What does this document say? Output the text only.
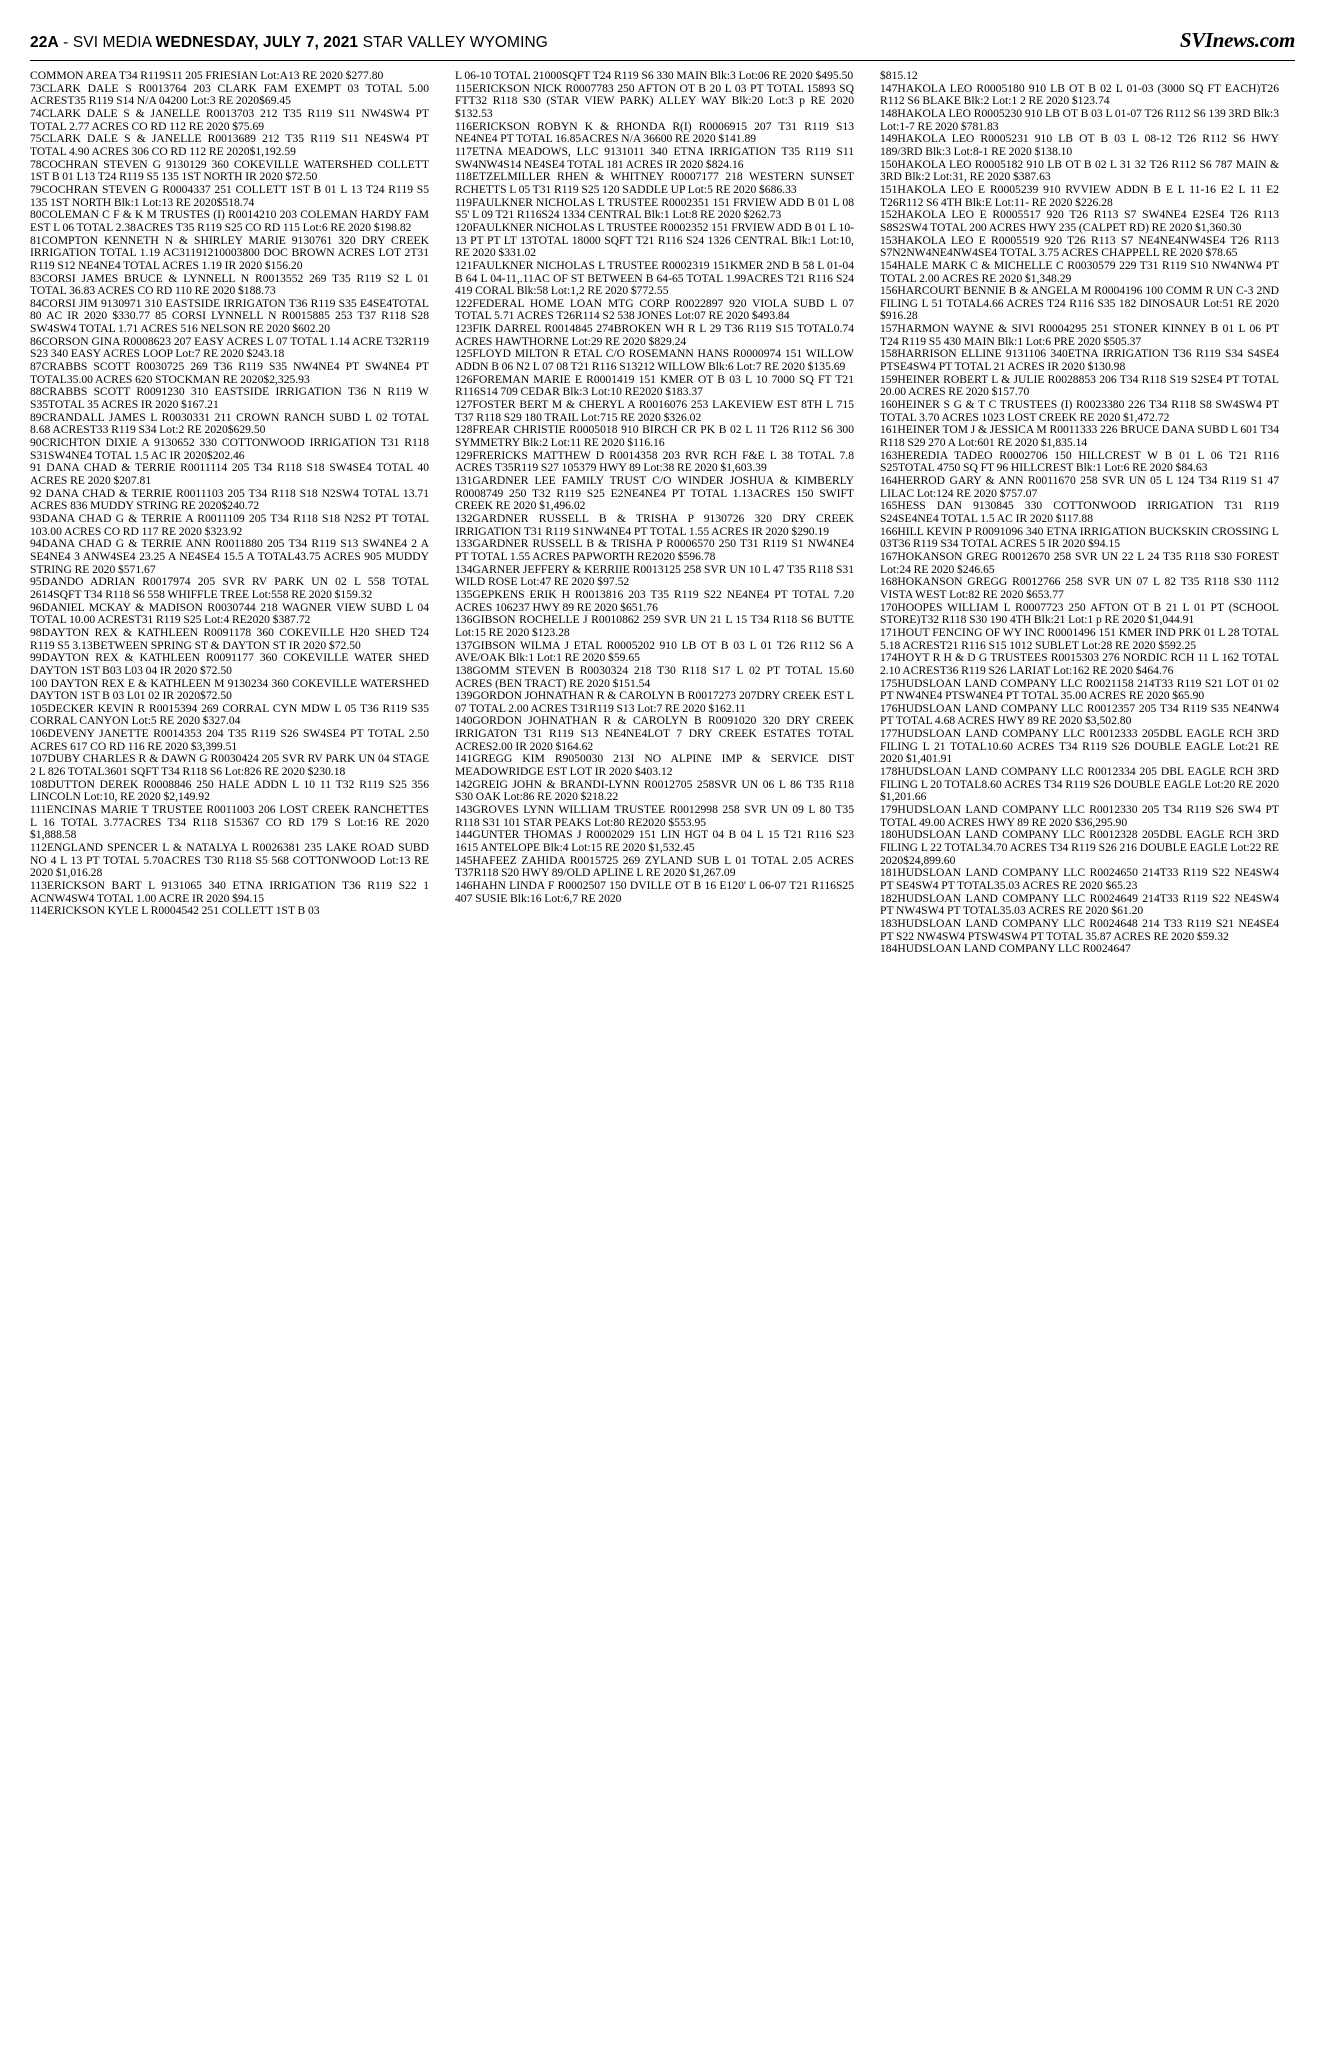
22A - SVI MEDIA WEDNESDAY, JULY 7, 2021 STAR VALLEY WYOMING	SVInews.com

COMMON AREA T34 R119S11 205 FRIESIAN Lot:A13 RE 2020 $277.80

73CLARK DALE S R0013764 203 CLARK FAM EXEMPT 03 TOTAL 5.00 ACREST35 R119 S14 N/A 04200 Lot:3 RE 2020$69.45

74CLARK DALE S & JANELLE R0013703 212 T35 R119 S11 NW4SW4 PT TOTAL 2.77 ACRES CO RD 112 RE 2020 $75.69

75CLARK DALE S & JANELLE R0013689 212 T35 R119 S11 NE4SW4 PT TOTAL 4.90 ACRES 306 CO RD 112 RE 2020$1,192.59

78COCHRAN STEVEN G 9130129 360 COKEVILLE WATERSHED COLLETT 1ST B 01 L13 T24 R119 S5 135 1ST NORTH IR 2020 $72.50

79COCHRAN STEVEN G R0004337 251 COLLETT 1ST B 01 L 13 T24 R119 S5 135 1ST NORTH Blk:1 Lot:13 RE 2020$518.74

80COLEMAN C F & K M TRUSTES (I) R0014210 203 COLEMAN HARDY FAM EST L 06 TOTAL 2.38ACRES T35 R119 S25 CO RD 115 Lot:6 RE 2020 $198.82

81COMPTON KENNETH N & SHIRLEY MARIE 9130761 320 DRY CREEK IRRIGATION TOTAL 1.19 AC31191210003800 DOC BROWN ACRES LOT 2T31 R119 S12 NE4NE4 TOTAL ACRES 1.19 IR 2020 $156.20

83CORSI JAMES BRUCE & LYNNELL N R0013552 269 T35 R119 S2 L 01 TOTAL 36.83 ACRES CO RD 110 RE 2020 $188.73

84CORSI JIM 9130971 310 EASTSIDE IRRIGATON T36 R119 S35 E4SE4TOTAL 80 AC IR 2020 $330.77 85 CORSI LYNNELL N R0015885 253 T37 R118 S28 SW4SW4 TOTAL 1.71 ACRES 516 NELSON RE 2020 $602.20

86CORSON GINA R0008623 207 EASY ACRES L 07 TOTAL 1.14 ACRE T32R119 S23 340 EASY ACRES LOOP Lot:7 RE 2020 $243.18

87CRABBS SCOTT R0030725 269 T36 R119 S35 NW4NE4 PT SW4NE4 PT TOTAL35.00 ACRES 620 STOCKMAN RE 2020$2,325.93

88CRABBS SCOTT R0091230 310 EASTSIDE IRRIGATION T36 N R119 W S35TOTAL 35 ACRES IR 2020 $167.21

89CRANDALL JAMES L R0030331 211 CROWN RANCH SUBD L 02 TOTAL 8.68 ACREST33 R119 S34 Lot:2 RE 2020$629.50

90CRICHTON DIXIE A 9130652 330 COTTONWOOD IRRIGATION T31 R118 S31SW4NE4 TOTAL 1.5 AC IR 2020$202.46

91 DANA CHAD & TERRIE R0011114 205 T34 R118 S18 SW4SE4 TOTAL 40 ACRES RE 2020 $207.81

92 DANA CHAD & TERRIE R0011103 205 T34 R118 S18 N2SW4 TOTAL 13.71 ACRES 836 MUDDY STRING RE 2020$240.72

93DANA CHAD G & TERRIE A R0011109 205 T34 R118 S18 N2S2 PT TOTAL 103.00 ACRES CO RD 117 RE 2020 $323.92

94DANA CHAD G & TERRIE ANN R0011880 205 T34 R119 S13 SW4NE4 2 A SE4NE4 3 ANW4SE4 23.25 A NE4SE4 15.5 A TOTAL43.75 ACRES 905 MUDDY STRING RE 2020 $571.67

95DANDO ADRIAN R0017974 205 SVR RV PARK UN 02 L 558 TOTAL 2614SQFT T34 R118 S6 558 WHIFFLE TREE Lot:558 RE 2020 $159.32

96DANIEL MCKAY & MADISON R0030744 218 WAGNER VIEW SUBD L 04 TOTAL 10.00 ACREST31 R119 S25 Lot:4 RE2020 $387.72

98DAYTON REX & KATHLEEN R0091178 360 COKEVILLE H20 SHED T24 R119 S5 3.13BETWEEN SPRING ST & DAYTON ST IR 2020 $72.50

99DAYTON REX & KATHLEEN R0091177 360 COKEVILLE WATER SHED DAYTON 1ST B03 L03 04 IR 2020 $72.50

100 DAYTON REX E & KATHLEEN M 9130234 360 COKEVILLE WATERSHED DAYTON 1ST B 03 L01 02 IR 2020$72.50

105DECKER KEVIN R R0015394 269 CORRAL CYN MDW L 05 T36 R119 S35 CORRAL CANYON Lot:5 RE 2020 $327.04

106DEVENY JANETTE R0014353 204 T35 R119 S26 SW4SE4 PT TOTAL 2.50 ACRES 617 CO RD 116 RE 2020 $3,399.51

107DUBY CHARLES R & DAWN G R0030424 205 SVR RV PARK UN 04 STAGE 2 L 826 TOTAL3601 SQFT T34 R118 S6 Lot:826 RE 2020 $230.18

108DUTTON DEREK R0008846 250 HALE ADDN L 10 11 T32 R119 S25 356 LINCOLN Lot:10, RE 2020 $2,149.92

111ENCINAS MARIE T TRUSTEE R0011003 206 LOST CREEK RANCHETTES L 16 TOTAL 3.77ACRES T34 R118 S15367 CO RD 179 S Lot:16 RE 2020 $1,888.58

112ENGLAND SPENCER L & NATALYA L R0026381 235 LAKE ROAD SUBD NO 4 L 13 PT TOTAL 5.70ACRES T30 R118 S5 568 COTTONWOOD Lot:13 RE 2020 $1,016.28

113ERICKSON BART L 9131065 340 ETNA IRRIGATION T36 R119 S22 1 ACNW4SW4 TOTAL 1.00 ACRE IR 2020 $94.15

114ERICKSON KYLE L R0004542 251 COLLETT 1ST B 03

L 06-10 TOTAL 21000SQFT T24 R119 S6 330 MAIN Blk:3 Lot:06 RE 2020 $495.50

115ERICKSON NICK R0007783 250 AFTON OT B 20 L 03 PT TOTAL 15893 SQ FTT32 R118 S30 (STAR VIEW PARK) ALLEY WAY Blk:20 Lot:3 p RE 2020 $132.53

116ERICKSON ROBYN K & RHONDA R(I) R0006915 207 T31 R119 S13 NE4NE4 PT TOTAL 16.85ACRES N/A 36600 RE 2020 $141.89

117ETNA MEADOWS, LLC 9131011 340 ETNA IRRIGATION T35 R119 S11 SW4NW4S14 NE4SE4 TOTAL 181 ACRES IR 2020 $824.16

118ETZELMILLER RHEN & WHITNEY R0007177 218 WESTERN SUNSET RCHETTS L 05 T31 R119 S25 120 SADDLE UP Lot:5 RE 2020 $686.33

119FAULKNER NICHOLAS L TRUSTEE R0002351 151 FRVIEW ADD B 01 L 08 S5' L 09 T21 R116S24 1334 CENTRAL Blk:1 Lot:8 RE 2020 $262.73

120FAULKNER NICHOLAS L TRUSTEE R0002352 151 FRVIEW ADD B 01 L 10-13 PT PT LT 13TOTAL 18000 SQFT T21 R116 S24 1326 CENTRAL Blk:1 Lot:10, RE 2020 $331.02

121FAULKNER NICHOLAS L TRUSTEE R0002319 151KMER 2ND B 58 L 01-04 B 64 L 04-11,.11AC OF ST BETWEEN B 64-65 TOTAL 1.99ACRES T21 R116 S24 419 CORAL Blk:58 Lot:1,2 RE 2020 $772.55

122FEDERAL HOME LOAN MTG CORP R0022897 920 VIOLA SUBD L 07 TOTAL 5.71 ACRES T26R114 S2 538 JONES Lot:07 RE 2020 $493.84

123FIK DARREL R0014845 274BROKEN WH R L 29 T36 R119 S15 TOTAL0.74 ACRES HAWTHORNE Lot:29 RE 2020 $829.24

125FLOYD MILTON R ETAL C/O ROSEMANN HANS R0000974 151 WILLOW ADDN B 06 N2 L 07 08 T21 R116 S13212 WILLOW Blk:6 Lot:7 RE 2020 $135.69

126FOREMAN MARIE E R0001419 151 KMER OT B 03 L 10 7000 SQ FT T21 R116S14 709 CEDAR Blk:3 Lot:10 RE2020 $183.37

127FOSTER BERT M & CHERYL A R0016076 253 LAKEVIEW EST 8TH L 715 T37 R118 S29 180 TRAIL Lot:715 RE 2020 $326.02

128FREAR CHRISTIE R0005018 910 BIRCH CR PK B 02 L 11 T26 R112 S6 300 SYMMETRY Blk:2 Lot:11 RE 2020 $116.16

129FRERICKS MATTHEW D R0014358 203 RVR RCH F&E L 38 TOTAL 7.8 ACRES T35R119 S27 105379 HWY 89 Lot:38 RE 2020 $1,603.39

131GARDNER LEE FAMILY TRUST C/O WINDER JOSHUA & KIMBERLY R0008749 250 T32 R119 S25 E2NE4NE4 PT TOTAL 1.13ACRES 150 SWIFT CREEK RE 2020 $1,496.02

132GARDNER RUSSELL B & TRISHA P 9130726 320 DRY CREEK IRRIGATION T31 R119 S1NW4NE4 PT TOTAL 1.55 ACRES IR 2020 $290.19

133GARDNER RUSSELL B & TRISHA P R0006570 250 T31 R119 S1 NW4NE4 PT TOTAL 1.55 ACRES PAPWORTH RE2020 $596.78

134GARNER JEFFERY & KERRIIE R0013125 258 SVR UN 10 L 47 T35 R118 S31 WILD ROSE Lot:47 RE 2020 $97.52

135GEPKENS ERIK H R0013816 203 T35 R119 S22 NE4NE4 PT TOTAL 7.20 ACRES 106237 HWY 89 RE 2020 $651.76

136GIBSON ROCHELLE J R0010862 259 SVR UN 21 L 15 T34 R118 S6 BUTTE Lot:15 RE 2020 $123.28

137GIBSON WILMA J ETAL R0005202 910 LB OT B 03 L 01 T26 R112 S6 A AVE/OAK Blk:1 Lot:1 RE 2020 $59.65

138GOMM STEVEN B R0030324 218 T30 R118 S17 L 02 PT TOTAL 15.60 ACRES (BEN TRACT) RE 2020 $151.54

139GORDON JOHNATHAN R & CAROLYN B R0017273 207DRY CREEK EST L 07 TOTAL 2.00 ACRES T31R119 S13 Lot:7 RE 2020 $162.11

140GORDON JOHNATHAN R & CAROLYN B R0091020 320 DRY CREEK IRRIGATON T31 R119 S13 NE4NE4LOT 7 DRY CREEK ESTATES TOTAL ACRES2.00 IR 2020 $164.62

141GREGG KIM R9050030 213I NO ALPINE IMP & SERVICE DIST MEADOWRIDGE EST LOT IR 2020 $403.12

142GREIG JOHN & BRANDI-LYNN R0012705 258SVR UN 06 L 86 T35 R118 S30 OAK Lot:86 RE 2020 $218.22

143GROVES LYNN WILLIAM TRUSTEE R0012998 258 SVR UN 09 L 80 T35 R118 S31 101 STAR PEAKS Lot:80 RE2020 $553.95

144GUNTER THOMAS J R0002029 151 LIN HGT 04 B 04 L 15 T21 R116 S23 1615 ANTELOPE Blk:4 Lot:15 RE 2020 $1,532.45

145HAFEEZ ZAHIDA R0015725 269 ZYLAND SUB L 01 TOTAL 2.05 ACRES T37R118 S20 HWY 89/OLD APLINE L RE 2020 $1,267.09

146HAHN LINDA F R0002507 150 DVILLE OT B 16 E120' L 06-07 T21 R116S25 407 SUSIE Blk:16 Lot:6,7 RE 2020

$815.12

147HAKOLA LEO R0005180 910 LB OT B 02 L 01-03 (3000 SQ FT EACH)T26 R112 S6 BLAKE Blk:2 Lot:1 2 RE 2020 $123.74

148HAKOLA LEO R0005230 910 LB OT B 03 L 01-07 T26 R112 S6 139 3RD Blk:3 Lot:1-7 RE 2020 $781.83

149HAKOLA LEO R0005231 910 LB OT B 03 L 08-12 T26 R112 S6 HWY 189/3RD Blk:3 Lot:8-1 RE 2020 $138.10

150HAKOLA LEO R0005182 910 LB OT B 02 L 31 32 T26 R112 S6 787 MAIN & 3RD Blk:2 Lot:31, RE 2020 $387.63

151HAKOLA LEO E R0005239 910 RVVIEW ADDN B E L 11-16 E2 L 11 E2 T26R112 S6 4TH Blk:E Lot:11- RE 2020 $226.28

152HAKOLA LEO E R0005517 920 T26 R113 S7 SW4NE4 E2SE4 T26 R113 S8S2SW4 TOTAL 200 ACRES HWY 235 (CALPET RD) RE 2020 $1,360.30

153HAKOLA LEO E R0005519 920 T26 R113 S7 NE4NE4NW4SE4 T26 R113 S7N2NW4NE4NW4SE4 TOTAL 3.75 ACRES CHAPPELL RE 2020 $78.65

154HALE MARK C & MICHELLE C R0030579 229 T31 R119 S10 NW4NW4 PT TOTAL 2.00 ACRES RE 2020 $1,348.29

156HARCOURT BENNIE B & ANGELA M R0004196 100 COMM R UN C-3 2ND FILING L 51 TOTAL4.66 ACRES T24 R116 S35 182 DINOSAUR Lot:51 RE 2020 $916.28

157HARMON WAYNE & SIVI R0004295 251 STONER KINNEY B 01 L 06 PT T24 R119 S5 430 MAIN Blk:1 Lot:6 PRE 2020 $505.37

158HARRISON ELLINE 9131106 340ETNA IRRIGATION T36 R119 S34 S4SE4 PTSE4SW4 PT TOTAL 21 ACRES IR 2020 $130.98

159HEINER ROBERT L & JULIE R0028853 206 T34 R118 S19 S2SE4 PT TOTAL 20.00 ACRES RE 2020 $157.70

160HEINER S G & T C TRUSTEES (I) R0023380 226 T34 R118 S8 SW4SW4 PT TOTAL 3.70 ACRES 1023 LOST CREEK RE 2020 $1,472.72

161HEINER TOM J & JESSICA M R0011333 226 BRUCE DANA SUBD L 601 T34 R118 S29 270 A Lot:601 RE 2020 $1,835.14

163HEREDIA TADEO R0002706 150 HILLCREST W B 01 L 06 T21 R116 S25TOTAL 4750 SQ FT 96 HILLCREST Blk:1 Lot:6 RE 2020 $84.63

164HERROD GARY & ANN R0011670 258 SVR UN 05 L 124 T34 R119 S1 47 LILAC Lot:124 RE 2020 $757.07

165HESS DAN 9130845 330 COTTONWOOD IRRIGATION T31 R119 S24SE4NE4 TOTAL 1.5 AC IR 2020 $117.88

166HILL KEVIN P R0091096 340 ETNA IRRIGATION BUCKSKIN CROSSING L 03T36 R119 S34 TOTAL ACRES 5 IR 2020 $94.15

167HOKANSON GREG R0012670 258 SVR UN 22 L 24 T35 R118 S30 FOREST Lot:24 RE 2020 $246.65

168HOKANSON GREGG R0012766 258 SVR UN 07 L 82 T35 R118 S30 1112 VISTA WEST Lot:82 RE 2020 $653.77

170HOOPES WILLIAM L R0007723 250 AFTON OT B 21 L 01 PT (SCHOOL STORE)T32 R118 S30 190 4TH Blk:21 Lot:1 p RE 2020 $1,044.91

171HOUT FENCING OF WY INC R0001496 151 KMER IND PRK 01 L 28 TOTAL 5.18 ACREST21 R116 S15 1012 SUBLET Lot:28 RE 2020 $592.25

174HOYT R H & D G TRUSTEES R0015303 276 NORDIC RCH 11 L 162 TOTAL 2.10 ACREST36 R119 S26 LARIAT Lot:162 RE 2020 $464.76

175HUDSLOAN LAND COMPANY LLC R0021158 214T33 R119 S21 LOT 01 02 PT NW4NE4 PTSW4NE4 PT TOTAL 35.00 ACRES RE 2020 $65.90

176HUDSLOAN LAND COMPANY LLC R0012357 205 T34 R119 S35 NE4NW4 PT TOTAL 4.68 ACRES HWY 89 RE 2020 $3,502.80

177HUDSLOAN LAND COMPANY LLC R0012333 205DBL EAGLE RCH 3RD FILING L 21 TOTAL10.60 ACRES T34 R119 S26 DOUBLE EAGLE Lot:21 RE 2020 $1,401.91

178HUDSLOAN LAND COMPANY LLC R0012334 205 DBL EAGLE RCH 3RD FILING L 20 TOTAL8.60 ACRES T34 R119 S26 DOUBLE EAGLE Lot:20 RE 2020 $1,201.66

179HUDSLOAN LAND COMPANY LLC R0012330 205 T34 R119 S26 SW4 PT TOTAL 49.00 ACRES HWY 89 RE 2020 $36,295.90

180HUDSLOAN LAND COMPANY LLC R0012328 205DBL EAGLE RCH 3RD FILING L 22 TOTAL34.70 ACRES T34 R119 S26 216 DOUBLE EAGLE Lot:22 RE 2020$24,899.60

181HUDSLOAN LAND COMPANY LLC R0024650 214T33 R119 S22 NE4SW4 PT SE4SW4 PT TOTAL35.03 ACRES RE 2020 $65.23

182HUDSLOAN LAND COMPANY LLC R0024649 214T33 R119 S22 NE4SW4 PT NW4SW4 PT TOTAL35.03 ACRES RE 2020 $61.20

183HUDSLOAN LAND COMPANY LLC R0024648 214 T33 R119 S21 NE4SE4 PT S22 NW4SW4 PTSW4SW4 PT TOTAL 35.87 ACRES RE 2020 $59.32

184HUDSLOAN LAND COMPANY LLC R0024647
